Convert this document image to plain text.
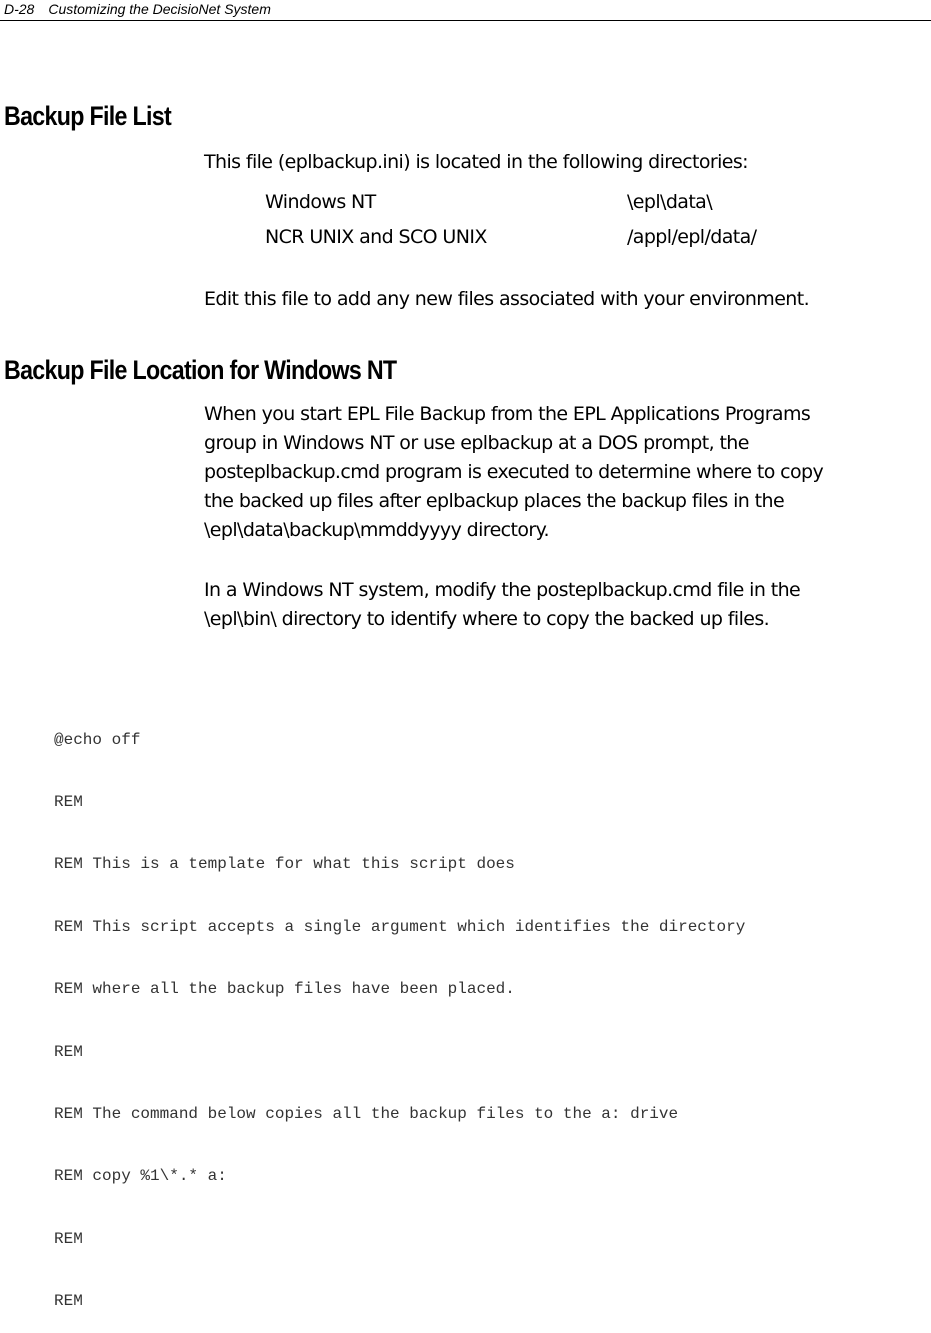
D-28 Customizing the DecisioNet System
Backup File List
This file (eplbackup.ini) is located in the following directories:
Windows NT	\epl\data\
NCR UNIX and SCO UNIX	/appl/epl/data/
Edit this file to add any new files associated with your environment.
Backup File Location for Windows NT
When you start EPL File Backup from the EPL Applications Programs
group in Windows NT or use eplbackup at a DOS prompt, the
posteplbackup.cmd program is executed to determine where to copy
the backed up files after eplbackup places the backup files in the
\epl\data\backup\mmddyyyy directory.
In a Windows NT system, modify the posteplbackup.cmd file in the
\epl\bin\ directory to identify where to copy the backed up files.

@echo off

REM

REM This is a template for what this script does

REM This script accepts a single argument which identifies the directory

REM where all the backup files have been placed.

REM

REM The command below copies all the backup files to the a: drive

REM copy %1\*.* a:

REM

REM
